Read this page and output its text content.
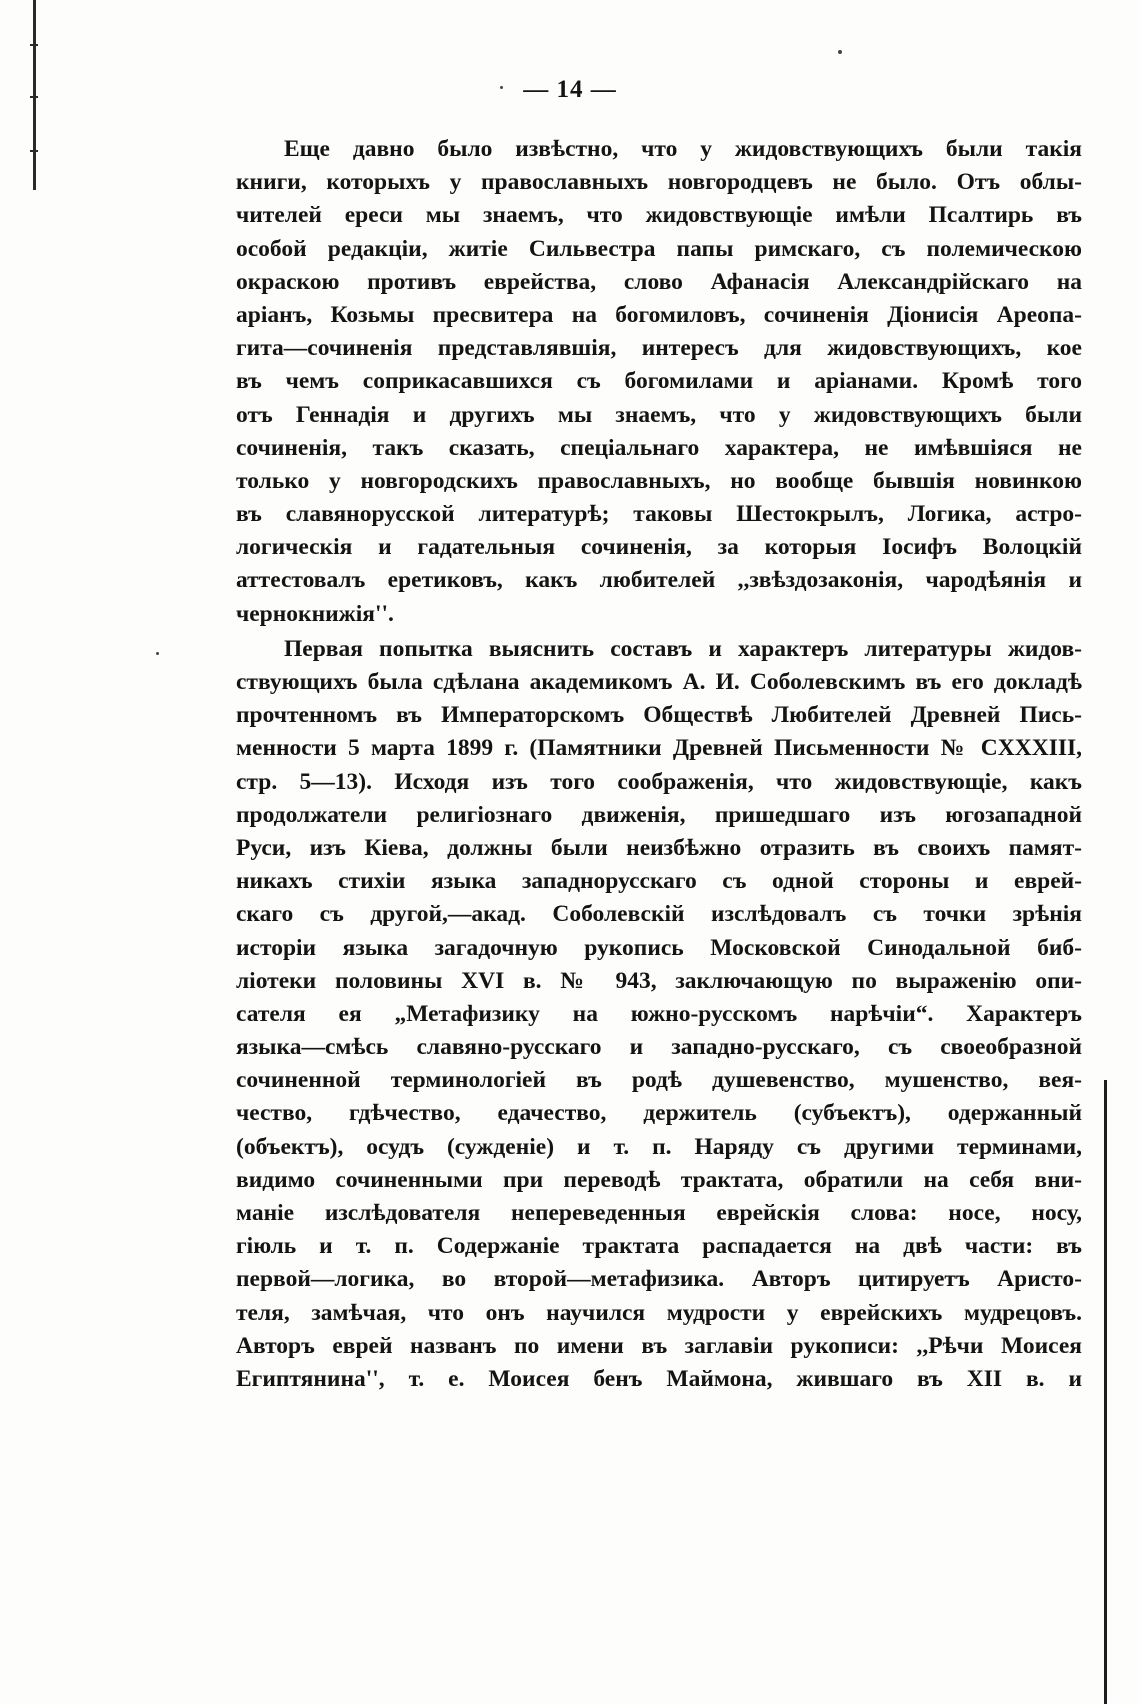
— 14 —
Еще давно было извѣстно, что у жидовствующихъ были такія
книги, которыхъ у православныхъ новгородцевъ не было. Отъ облы-
чителей ереси мы знаемъ, что жидовствующіе имѣли Псалтирь въ
особой редакціи, житіе Сильвестра папы римскаго, съ полемическою
окраскою противъ еврейства, слово Афанасія Александрійскаго на
аріанъ, Козьмы пресвитера на богомиловъ, сочиненія Діонисія Ареопа-
гита—сочиненія представлявшія, интересъ для жидовствующихъ, кое
въ чемъ соприкасавшихся съ богомилами и аріанами. Кромѣ того
отъ Геннадія и другихъ мы знаемъ, что у жидовствующихъ были
сочиненія, такъ сказать, спеціальнаго характера, не имѣвшіяся не
только у новгородскихъ православныхъ, но вообще бывшія новинкою
въ славянорусской литературѣ; таковы Шестокрылъ, Логика, астро-
логическія и гадательныя сочиненія, за которыя Іосифъ Волоцкій
аттестовалъ еретиковъ, какъ любителей ,,звѣздозаконія, чародѣянія и
чернокнижія''.
Первая попытка выяснить составъ и характеръ литературы жидов-
ствующихъ была сдѣлана академикомъ А. И. Соболевскимъ въ его докладѣ
прочтенномъ въ Императорскомъ Обществѣ Любителей Древней Пись-
менности 5 марта 1899 г. (Памятники Древней Письменности № CXXXIII,
стр. 5—13). Исходя изъ того соображенія, что жидовствующіе, какъ
продолжатели религіознаго движенія, пришедшаго изъ югозападной
Руси, изъ Кіева, должны были неизбѣжно отразить въ своихъ памят-
никахъ стихіи языка западнорусскаго съ одной стороны и еврей-
скаго съ другой,—акад. Соболевскій изслѣдовалъ съ точки зрѣнія
исторіи языка загадочную рукопись Московской Синодальной биб-
ліотеки половины XVI в. № 943, заключающую по выраженію опи-
сателя ея „Метафизику на южно-русскомъ нарѣчіи“. Характеръ
языка—смѣсь славяно-русскаго и западно-русскаго, съ своеобразной
сочиненной терминологіей въ родѣ душевенство, мушенство, вея-
чество, гдѣчество, едачество, держитель (субъектъ), одержанный
(объектъ), осудъ (сужденіе) и т. п. Наряду съ другими терминами,
видимо сочиненными при переводѣ трактата, обратили на себя вни-
маніе изслѣдователя непереведенныя еврейскія слова: носе, носу,
гіюль и т. п. Содержаніе трактата распадается на двѣ части: въ
первой—логика, во второй—метафизика. Авторъ цитируетъ Аристо-
теля, замѣчая, что онъ научился мудрости у еврейскихъ мудрецовъ.
Авторъ еврей названъ по имени въ заглавіи рукописи: ,,Рѣчи Моисея
Египтянина'', т. е. Моисея бенъ Маймона, жившаго въ XII в. и
